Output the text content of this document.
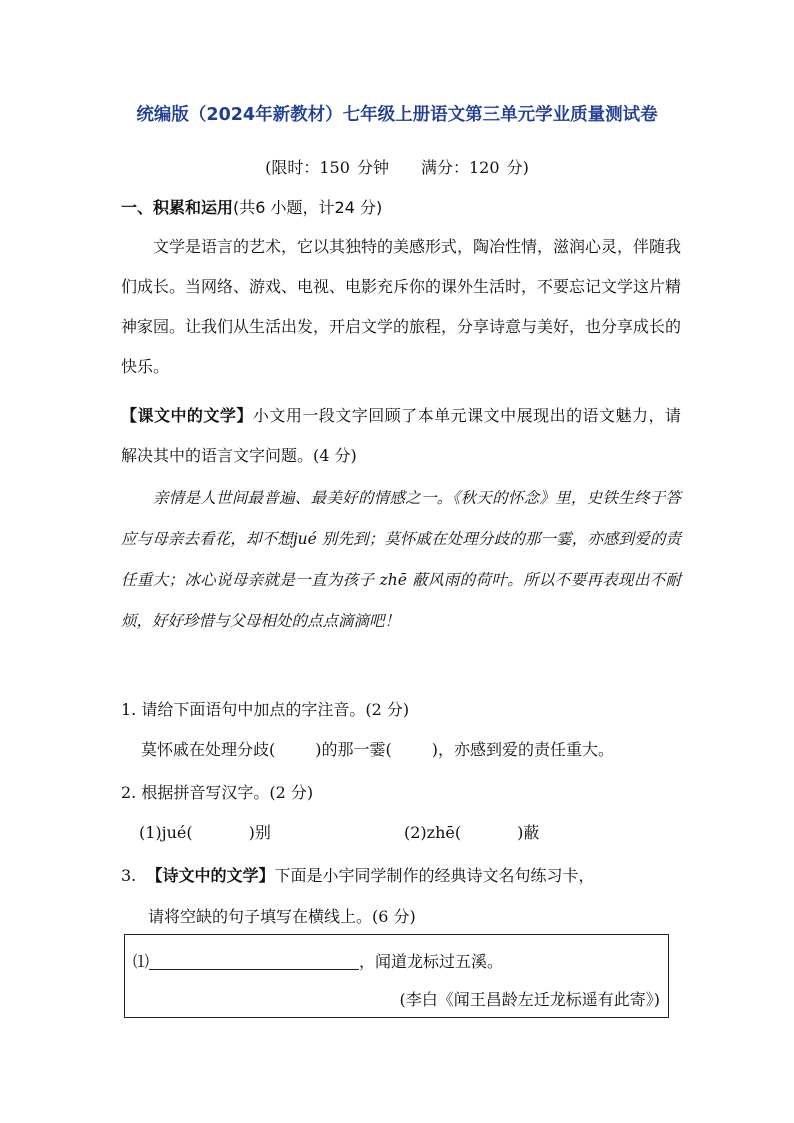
统编版（2024年新教材）七年级上册语文第三单元学业质量测试卷
(限时：150 分钟　　满分：120 分)
一、积累和运用(共6 小题，计24 分)

文学是语言的艺术，它以其独特的美感形式，陶冶性情，滋润心灵，伴随我们成长。当网络、游戏、电视、电影充斥你的课外生活时，不要忘记文学这片精神家园。让我们从生活出发，开启文学的旅程，分享诗意与美好，也分享成长的快乐。

【课文中的文学】小文用一段文字回顾了本单元课文中展现出的语文魅力，请解决其中的语言文字问题。(4 分)

亲情是人世间最普遍、最美好的情感之一。《秋天的怀念》里，史铁生终于答应与母亲去看花，却不想jué 别先到；莫怀戚在处理分歧的那一霎，亦感到爱的责任重大；冰心说母亲就是一直为孩子 zhē 蔽风雨的荷叶。所以不要再表现出不耐烦，好好珍惜与父母相处的点点滴滴吧！

1. 请给下面语句中加点的字注音。(2 分)
莫怀戚在处理分歧(	)的那一霎(	)，亦感到爱的责任重大。
2. 根据拼音写汉字。(2 分)
(1)jué(	)别	(2)zhē(	)蔽
3. 【诗文中的文学】下面是小宇同学制作的经典诗文名句练习卡，
请将空缺的句子填写在横线上。(6 分)
⑴	，闻道龙标过五溪。
(李白《闻王昌龄左迁龙标遥有此寄》)
